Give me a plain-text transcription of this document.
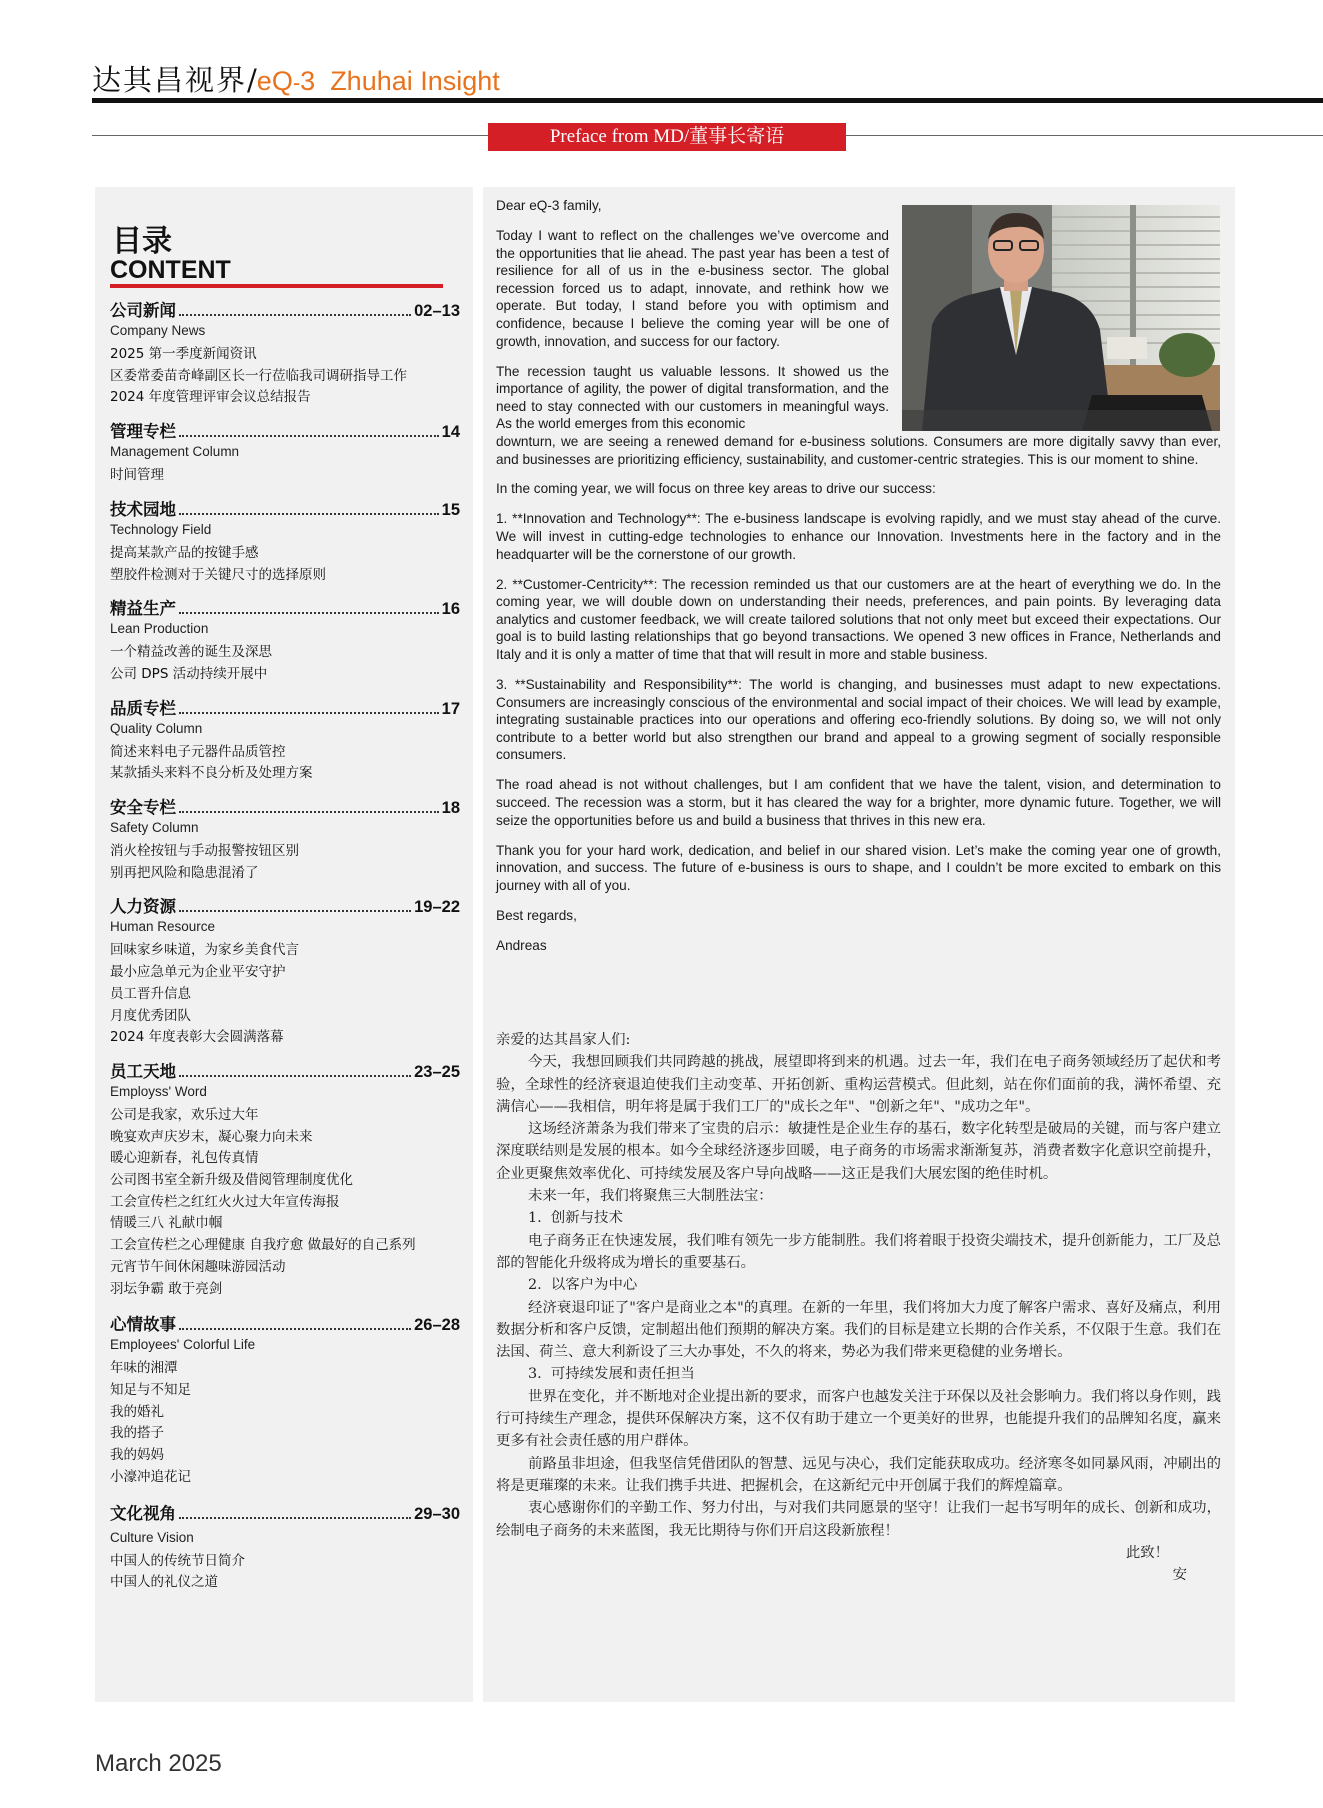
达其昌视界/eQ-3  Zhuhai Insight
Preface from MD/董事长寄语
目录
CONTENT
公司新闻	02–13
Company News
2025 第一季度新闻资讯
区委常委苗奇峰副区长一行莅临我司调研指导工作
2024 年度管理评审会议总结报告
管理专栏	14
Management Column
时间管理
技术园地	15
Technology Field
提高某款产品的按键手感
塑胶件检测对于关键尺寸的选择原则
精益生产	16
Lean Production
一个精益改善的诞生及深思
公司 DPS 活动持续开展中
品质专栏	17
Quality Column
简述来料电子元器件品质管控
某款插头来料不良分析及处理方案
安全专栏	18
Safety Column
消火栓按钮与手动报警按钮区别
别再把风险和隐患混淆了
人力资源	19–22
Human Resource
回味家乡味道，为家乡美食代言
最小应急单元为企业平安守护
员工晋升信息
月度优秀团队
2024 年度表彰大会圆满落幕
员工天地	23–25
Employss' Word
公司是我家，欢乐过大年
晚宴欢声庆岁末，凝心聚力向未来
暖心迎新春，礼包传真情
公司图书室全新升级及借阅管理制度优化
工会宣传栏之红红火火过大年宣传海报
情暖三八 礼献巾帼
工会宣传栏之心理健康 自我疗愈 做最好的自己系列
元宵节午间休闲趣味游园活动
羽坛争霸 敢于亮剑
心情故事	26–28
Employees' Colorful Life
年味的湘潭
知足与不知足
我的婚礼
我的搭子
我的妈妈
小濠冲追花记
文化视角	29–30
Culture Vision
中国人的传统节日简介
中国人的礼仪之道

Dear eQ-3 family,

Today I want to reflect on the challenges we’ve overcome and the opportunities that lie ahead. The past year has been a test of resilience for all of us in the e-business sector. The global recession forced us to adapt, innovate, and rethink how we operate. But today, I stand before you with optimism and confidence, because I believe the coming year will be one of growth, innovation, and success for our factory.

The recession taught us valuable lessons. It showed us the importance of agility, the power of digital transformation, and the need to stay connected with our customers in meaningful ways. As the world emerges from this economic

downturn, we are seeing a renewed demand for e-business solutions. Consumers are more digitally savvy than ever, and businesses are prioritizing efficiency, sustainability, and customer-centric strategies. This is our moment to shine.

In the coming year, we will focus on three key areas to drive our success:

1. **Innovation and Technology**: The e-business landscape is evolving rapidly, and we must stay ahead of the curve. We will invest in cutting-edge technologies to enhance our Innovation. Investments here in the factory and in the headquarter will be the cornerstone of our growth.

2. **Customer-Centricity**: The recession reminded us that our customers are at the heart of everything we do. In the coming year, we will double down on understanding their needs, preferences, and pain points. By leveraging data analytics and customer feedback, we will create tailored solutions that not only meet but exceed their expectations. Our goal is to build lasting relationships that go beyond transactions. We opened 3 new offices in France, Netherlands and Italy and it is only a matter of time that that will result in more and stable business.

3. **Sustainability and Responsibility**: The world is changing, and businesses must adapt to new expectations. Consumers are increasingly conscious of the environmental and social impact of their choices. We will lead by example, integrating sustainable practices into our operations and offering eco-friendly solutions. By doing so, we will not only contribute to a better world but also strengthen our brand and appeal to a growing segment of socially responsible consumers.

The road ahead is not without challenges, but I am confident that we have the talent, vision, and determination to succeed. The recession was a storm, but it has cleared the way for a brighter, more dynamic future. Together, we will seize the opportunities before us and build a business that thrives in this new era.

Thank you for your hard work, dedication, and belief in our shared vision. Let’s make the coming year one of growth, innovation, and success. The future of e-business is ours to shape, and I couldn’t be more excited to embark on this journey with all of you.

Best regards,

Andreas

亲爱的达其昌家人们:

今天，我想回顾我们共同跨越的挑战，展望即将到来的机遇。过去一年，我们在电子商务领域经历了起伏和考验，全球性的经济衰退迫使我们主动变革、开拓创新、重构运营模式。但此刻，站在你们面前的我，满怀希望、充满信心——我相信，明年将是属于我们工厂的"成长之年"、"创新之年"、"成功之年"。

这场经济萧条为我们带来了宝贵的启示：敏捷性是企业生存的基石，数字化转型是破局的关键，而与客户建立深度联结则是发展的根本。如今全球经济逐步回暖，电子商务的市场需求渐渐复苏，消费者数字化意识空前提升，企业更聚焦效率优化、可持续发展及客户导向战略——这正是我们大展宏图的绝佳时机。

未来一年，我们将聚焦三大制胜法宝：

1.  创新与技术

电子商务正在快速发展，我们唯有领先一步方能制胜。我们将着眼于投资尖端技术，提升创新能力，工厂及总部的智能化升级将成为增长的重要基石。

2.  以客户为中心

经济衰退印证了"客户是商业之本"的真理。在新的一年里，我们将加大力度了解客户需求、喜好及痛点，利用数据分析和客户反馈，定制超出他们预期的解决方案。我们的目标是建立长期的合作关系，不仅限于生意。我们在法国、荷兰、意大利新设了三大办事处，不久的将来，势必为我们带来更稳健的业务增长。

3.  可持续发展和责任担当

世界在变化，并不断地对企业提出新的要求，而客户也越发关注于环保以及社会影响力。我们将以身作则，践行可持续生产理念，提供环保解决方案，这不仅有助于建立一个更美好的世界，也能提升我们的品牌知名度，赢来更多有社会责任感的用户群体。

前路虽非坦途，但我坚信凭借团队的智慧、远见与决心，我们定能获取成功。经济寒冬如同暴风雨，冲刷出的将是更璀璨的未来。让我们携手共进、把握机会，在这新纪元中开创属于我们的辉煌篇章。

衷心感谢你们的辛勤工作、努力付出，与对我们共同愿景的坚守！让我们一起书写明年的成长、创新和成功，绘制电子商务的未来蓝图，我无比期待与你们开启这段新旅程！

此致！

安

March 2025
